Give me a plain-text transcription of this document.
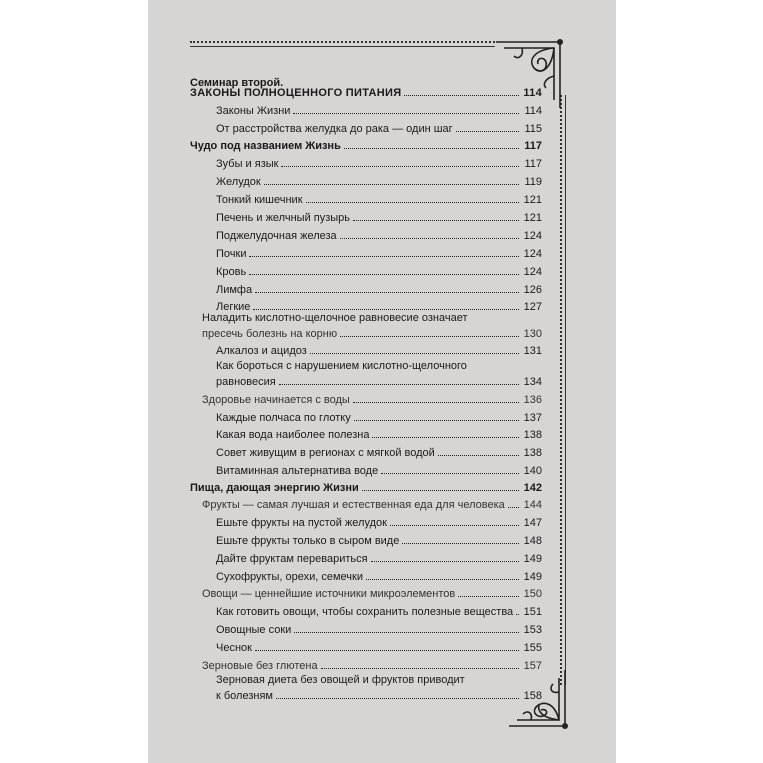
Семинар второй.
ЗАКОНЫ ПОЛНОЦЕННОГО ПИТАНИЯ	114
Законы Жизни	114
От расстройства желудка до рака — один шаг	115
Чудо под названием Жизнь	117
Зубы и язык	117
Желудок	119
Тонкий кишечник	121
Печень и желчный пузырь	121
Поджелудочная железа	124
Почки	124
Кровь	124
Лимфа	126
Легкие	127
Наладить кислотно-щелочное равновесие означает
пресечь болезнь на корню	130
Алкалоз и ацидоз	131
Как бороться с нарушением кислотно-щелочного
равновесия	134
Здоровье начинается с воды	136
Каждые полчаса по глотку	137
Какая вода наиболее полезна	138
Совет живущим в регионах с мягкой водой	138
Витаминная альтернатива воде	140
Пища, дающая энергию Жизни	142
Фрукты — самая лучшая и естественная еда для человека 144
Ешьте фрукты на пустой желудок	147
Ешьте фрукты только в сыром виде	148
Дайте фруктам перевариться	149
Сухофрукты, орехи, семечки	149
Овощи — ценнейшие источники микроэлементов	150
Как готовить овощи, чтобы сохранить полезные вещества 151
Овощные соки	153
Чеснок	155
Зерновые без глютена	157
Зерновая диета без овощей и фруктов приводит
к болезням	158
